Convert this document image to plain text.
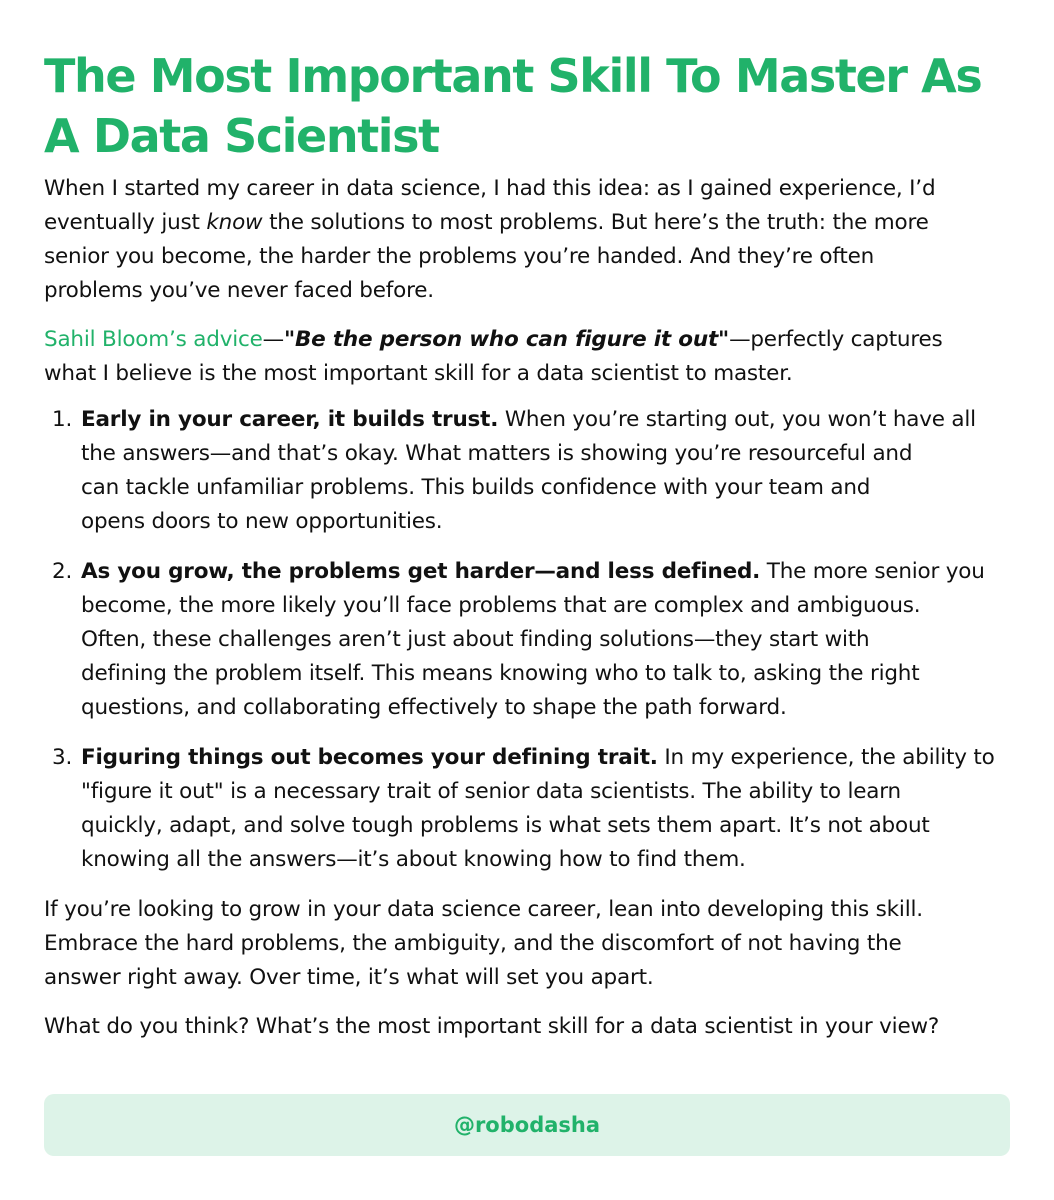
The Most Important Skill To Master As
A Data Scientist

When I started my career in data science, I had this idea: as I gained experience, I’d
eventually just know the solutions to most problems. But here’s the truth: the more
senior you become, the harder the problems you’re handed. And they’re often
problems you’ve never faced before.

Sahil Bloom’s advice—"Be the person who can figure it out"—perfectly captures
what I believe is the most important skill for a data scientist to master.

1. Early in your career, it builds trust. When you’re starting out, you won’t have all
the answers—and that’s okay. What matters is showing you’re resourceful and
can tackle unfamiliar problems. This builds confidence with your team and
opens doors to new opportunities.
2. As you grow, the problems get harder—and less defined. The more senior you
become, the more likely you’ll face problems that are complex and ambiguous.
Often, these challenges aren’t just about finding solutions—they start with
defining the problem itself. This means knowing who to talk to, asking the right
questions, and collaborating effectively to shape the path forward.
3. Figuring things out becomes your defining trait. In my experience, the ability to
"figure it out" is a necessary trait of senior data scientists. The ability to learn
quickly, adapt, and solve tough problems is what sets them apart. It’s not about
knowing all the answers—it’s about knowing how to find them.

If you’re looking to grow in your data science career, lean into developing this skill.
Embrace the hard problems, the ambiguity, and the discomfort of not having the
answer right away. Over time, it’s what will set you apart.

What do you think? What’s the most important skill for a data scientist in your view?

@robodasha
